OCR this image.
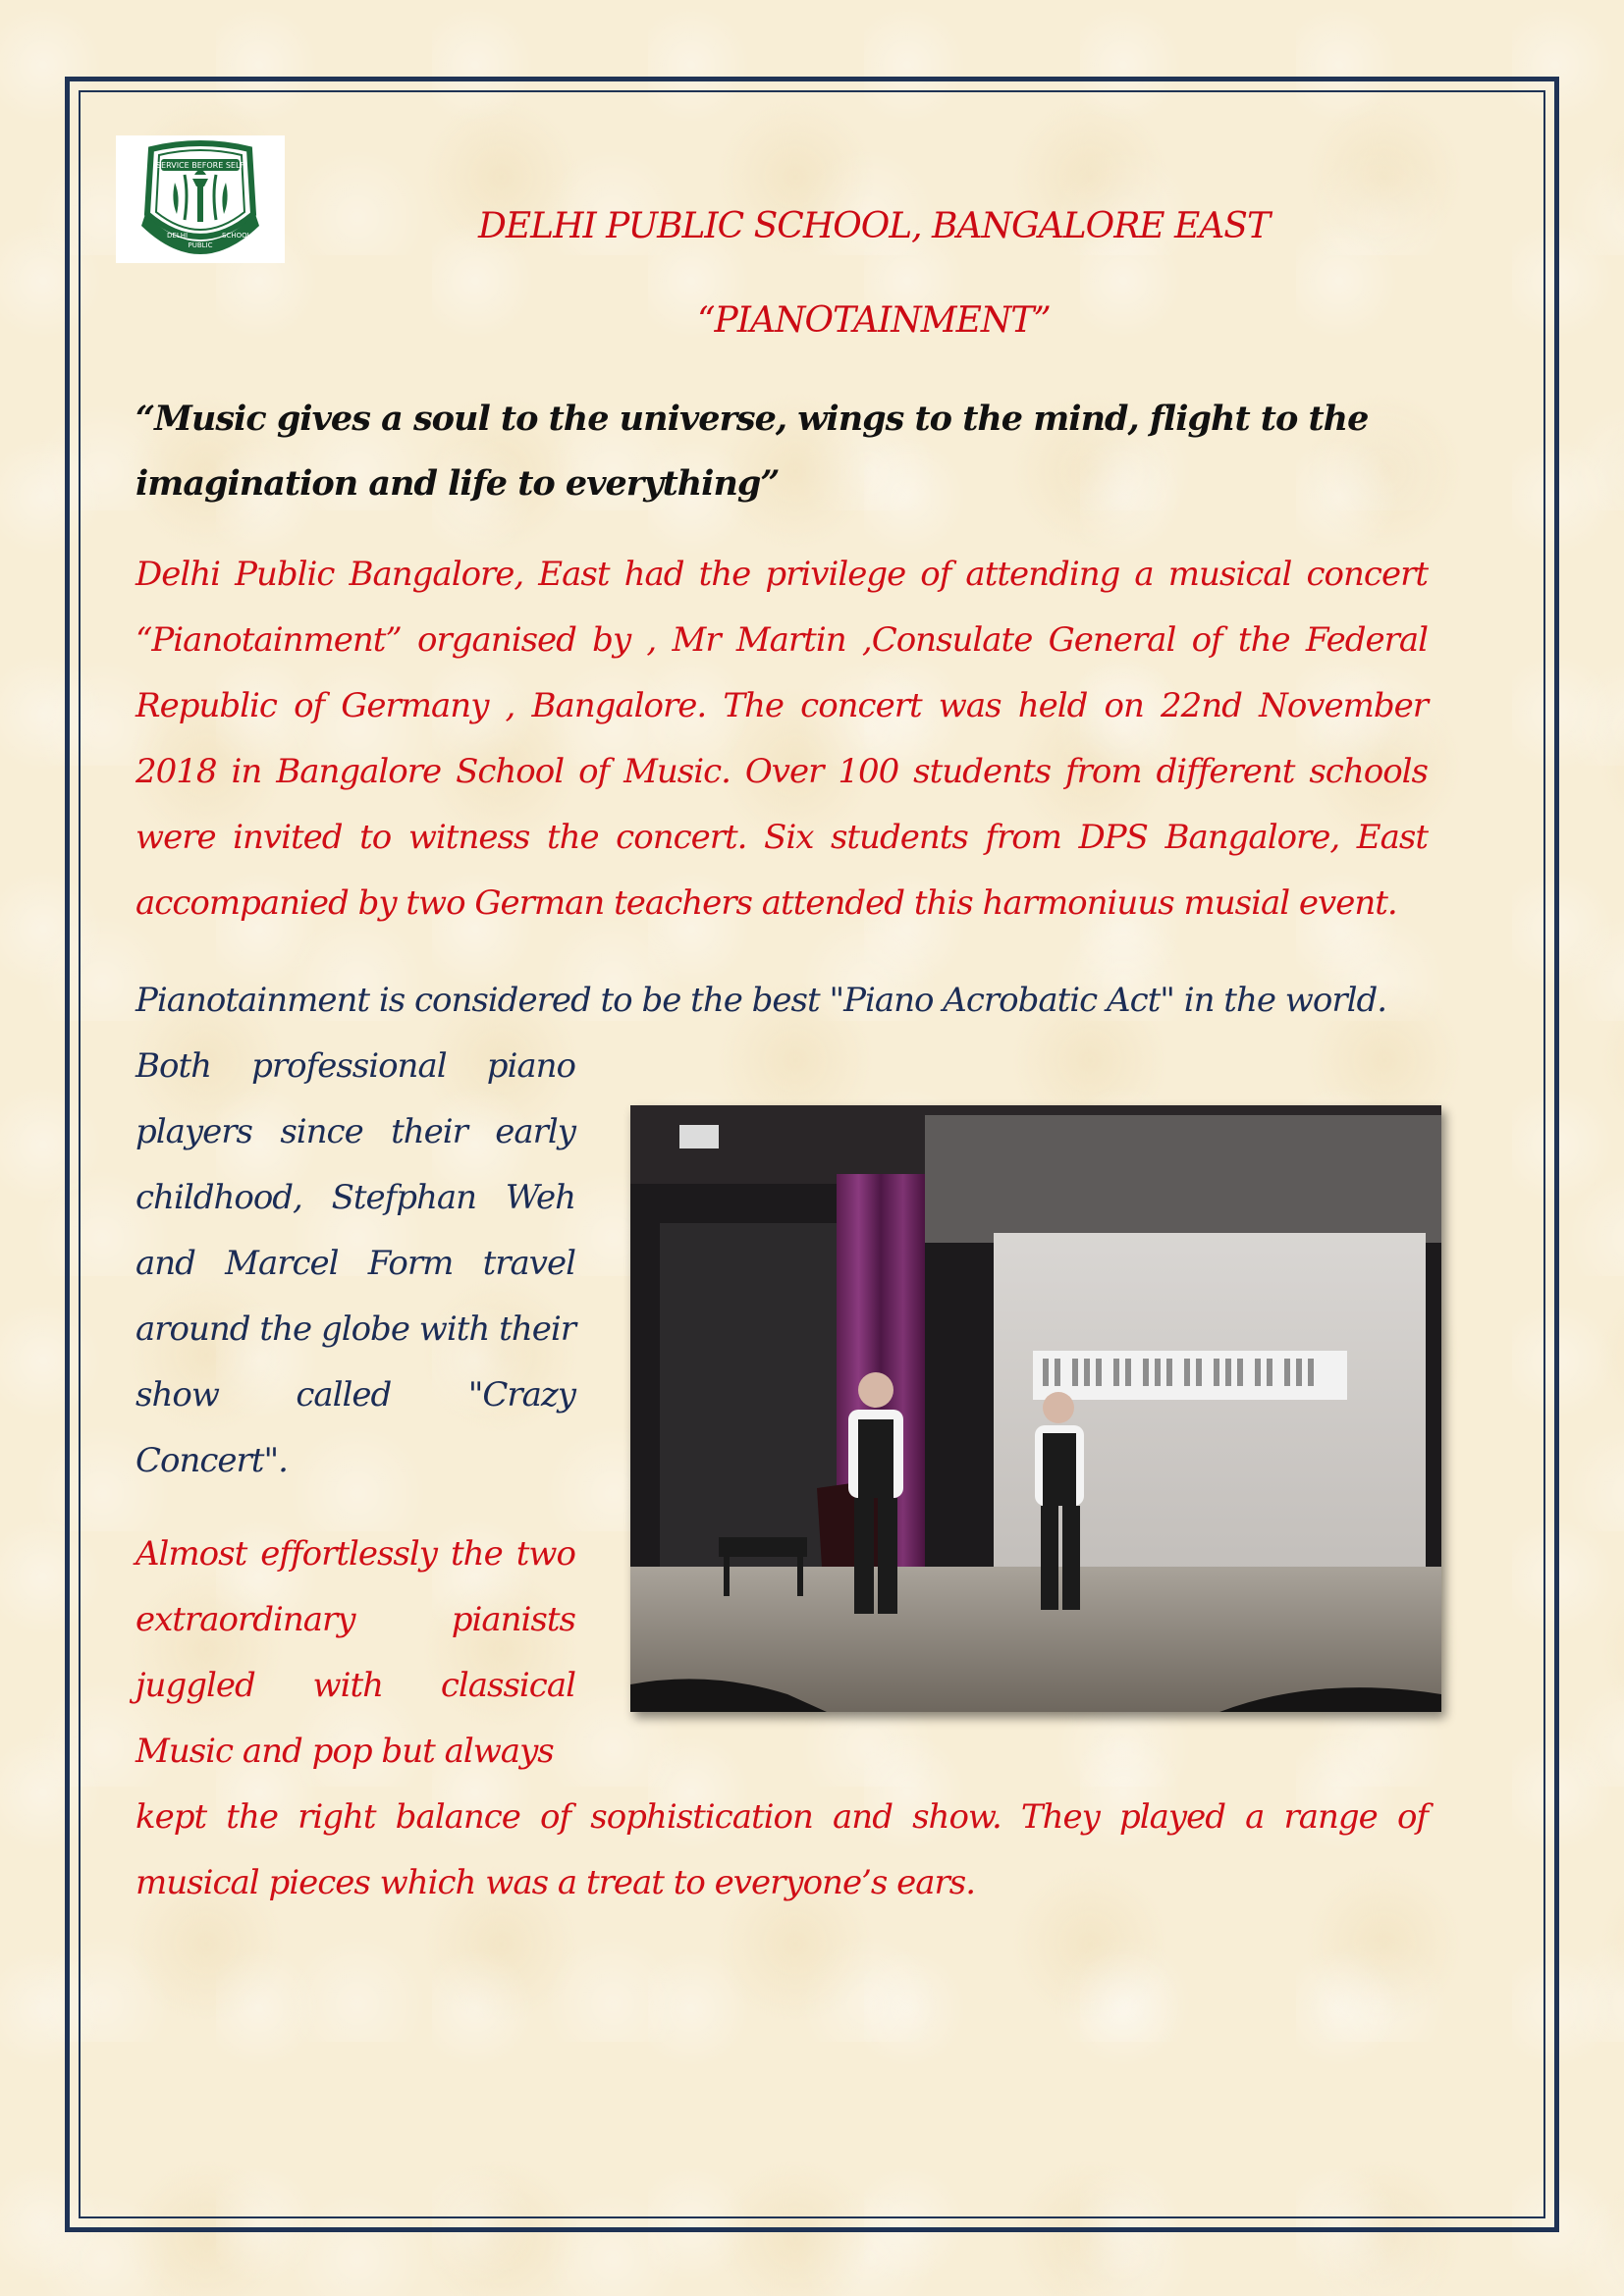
SERVICE BEFORE SELF
DELHI
PUBLIC
SCHOOL	DELHI PUBLIC SCHOOL, BANGALORE EAST
“PIANOTAINMENT”
“Music gives a soul to the universe, wings to the mind, flight to the imagination and life to everything”
Delhi Public Bangalore, East had the privilege of attending a musical concert “Pianotainment” organised by , Mr Martin ,Consulate General of the Federal Republic of Germany , Bangalore. The concert was held on 22nd November 2018 in Bangalore School of Music. Over 100 students from different schools were invited to witness the concert. Six students from DPS Bangalore, East accompanied by two German teachers attended this harmoniuus musial event.
Pianotainment is considered to be the best "Piano Acrobatic Act" in the world.
Both professional piano players since their early childhood, Stefphan Weh and Marcel Form travel around the globe with their show called "Crazy Concert".
Almost effortlessly the two extraordinary pianists juggled with classical Music and pop but always
kept the right balance of sophistication and show. They played a range of musical pieces which was a treat to everyone’s ears.
